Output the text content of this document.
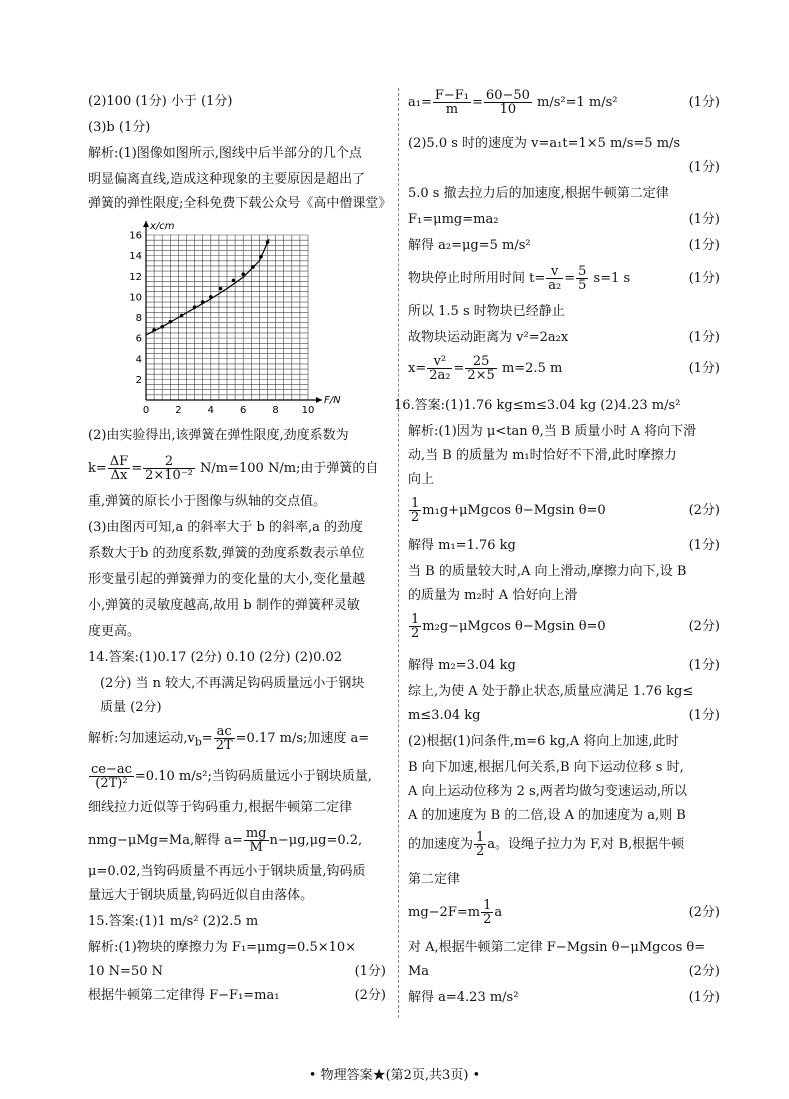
(2)100 (1分) 小于 (1分)
(3)b (1分)
解析:(1)图像如图所示,图线中后半部分的几个点
明显偏离直线,造成这种现象的主要原因是超出了
弹簧的弹性限度;全科免费下载公众号《高中僧课堂》
0	2	4	6	8 10
2
4
6
8
10
12
14
16
F/N
x/cm
(2)由实验得出,该弹簧在弹性限度,劲度系数为
$k= \frac{\Delta F}{\Delta x} = \frac{2}{\text{2×10⁻²}} N/m=100$ N/m;由于弹簧的自
重,弹簧的原长小于图像与纵轴的交点值。
(3)由图丙可知,a 的斜率大于 b 的斜率,a 的劲度
系数大于b 的劲度系数,弹簧的劲度系数表示单位
形变量引起的弹簧弹力的变化量的大小,变化量越
小,弹簧的灵敏度越高,故用 b 制作的弹簧秤灵敏
度更高。
14.答案:(1)0.17 (2分) 0.10 (2分) (2)0.02
(2分) 当 n 较大,不再满足钩码质量远小于钢块
质量 (2分)
解析:匀加速运动$,v_b= \frac{ac}{2T} =0.17$ m/s;加速度 a=
$\frac{ce-ac}{\text{(2T)²}} =0.10$ m/s²;当钩码质量远小于钢块质量,
细线拉力近似等于钩码重力,根据牛顿第二定律
nmg−μMg=Ma,解得 $a= \frac{mg}{M} n-\mu g,\mu g=0.2$,
μ=0.02,当钩码质量不再远小于钢块质量,钩码质
量远大于钢块质量,钩码近似自由落体。
15.答案:(1)1 m/s² (2)2.5 m
解析:(1)物块的摩擦力为 F₁=μmg=0.5×10×
10 N=50 N	(1分)
根据牛顿第二定律得 F−F₁=ma₁	(2分)
$a_1= \frac{\text{F−F₁}}{m} = \frac{60-50}{10} m/s^2=1$ m/s²	(1分)
(2)5.0 s 时的速度为 v=a₁t=1×5 m/s=5 m/s
(1分)
5.0 s 撤去拉力后的加速度,根据牛顿第二定律
F₁=μmg=ma₂	(1分)
解得 a₂=μg=5 m/s²	(1分)
物块停止时所用时间 $t= \frac{v}{\text{a₂}} = \frac{5}{5} s=1$ s	(1分)
所以 1.5 s 时物块已经静止
故物块运动距离为 v²=2a₂x	(1分)
$x= \frac{\text{v²}}{\text{2a₂}} = \frac{25}{2\times 5} m=2.5$ m	(1分)
16.答案:(1)1.76 kg≤m≤3.04 kg (2)4.23 m/s²
解析:(1)因为 μ<tan θ,当 B 质量小时 A 将向下滑
动,当 B 的质量为 m₁时恰好不下滑,此时摩擦力
向上
$\frac{1}{2} m_1g+\mu Mgcos$ θ−Mgsin θ=0	(2分)
解得 m₁=1.76 kg	(1分)
当 B 的质量较大时,A 向上滑动,摩擦力向下,设 B
的质量为 m₂时 A 恰好向上滑
$\frac{1}{2} m_2g-\mu Mgcos$ θ−Mgsin θ=0	(2分)
解得 m₂=3.04 kg	(1分)
综上,为使 A 处于静止状态,质量应满足 1.76 kg≤
m≤3.04 kg	(1分)
(2)根据(1)问条件,m=6 kg,A 将向上加速,此时
B 向下加速,根据几何关系,B 向下运动位移 s 时,
A 向上运动位移为 2 s,两者均做匀变速运动,所以
A 的加速度为 B 的二倍,设 A 的加速度为 a,则 B
的加速度为 $\frac{1}{2}$ a。设绳子拉力为 F,对 B,根据牛顿
第二定律
$mg-2F=m \frac{1}{2}$ a	(2分)
对 A,根据牛顿第二定律 F−Mgsin θ−μMgcos θ=
Ma	(2分)
解得 a=4.23 m/s²	(1分)
• 物理答案★(第2页,共3页) •
